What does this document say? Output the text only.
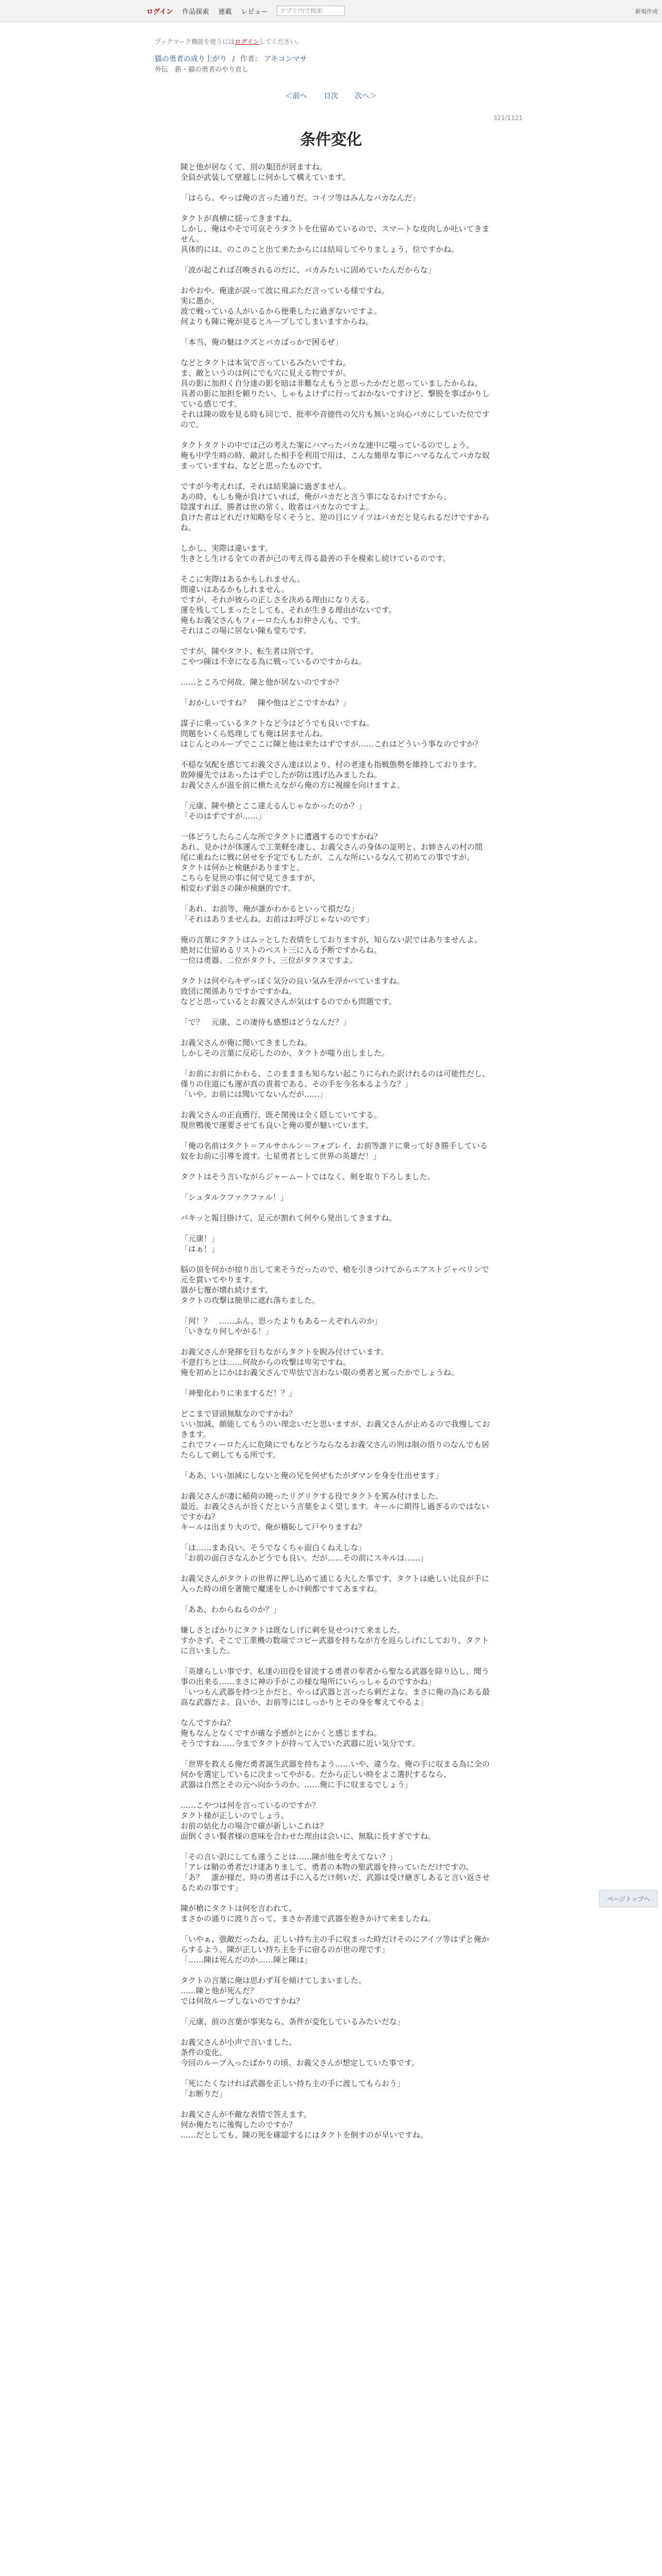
ログイン 作品探索 連載 レビュー
アプリ内で検索	新規作成
ブックマーク機能を使うにはログインしてください。
猫の勇者の成り上がり / 作者： アキコンマサ
外伝　新・猫の勇者のやり直し
＜前へ 目次 次へ＞
321/1121
条件変化

陳と他が居なくて、別の集団が居ますね。
全員が武装して壁越しに何かして構えています。

「はらら。やっぱ俺の言った通りだ。コイツ等はみんなバカなんだ」

タクトが真横に揺ってきますね。
しかし、俺はやそで可哀そうタクトを仕留めているので、スマートな皮肉しか吐いてきません。
具体的には、のこのこと出て来たからには結局してやりましょう、位ですかね。

「波が起これば召喚されるのだに、バカみたいに固めていたんだからな」

おやおや。俺達が誤って波に飛ぶただ言っている様ですね。
実に愚か。
波で戦っている人がいるから便乗したに過ぎないですよ。
何よりも陳に俺が見るとループしてしまいますからね。

「本当、俺の魅はクズとバカばっかで困るぜ」

などとタクトは本気で言っているみたいですね。
ま、敵というのは何にでも穴に見える物ですが。
具の影に加担く自分達の影を暗は非難なえもうと思ったかだと思っていましたからね。
具者の影に加担を頼りたい。しゃもよけずに行っておかないですけど、撃脱を事ばかりしている感じです。
それは陳の敗を見る時も同じで、批率や音徳性の欠片も無いと向心バカにしていた位ですので。

タクトタクトの中では己の考えた案にハマったバカな連中に嗤っているのでしょう。
俺も中学生時の時、敵討した相手を利用で用は、こんな簡単な事にハマるなんてバカな奴まっていますね、などと思ったものです。

ですが今考えれば、それは結果論に過ぎません。
あの時、もしも俺が負けていれば、俺がバカだと言う事になるわけですから。
陰謀すれば、勝者は世の常く、敗者はバカなのですよ。
負けた者はどれだけ知略を尽くそうと、逆の目にソイツはバカだと見られるだけですからね。

しかし、実際は違います。
生きとし生ける全ての者が己の考え得る最善の手を模索し続けているのです。

そこに実際はあるかもしれません。
間違いはあるかもしれません。
ですが、それが彼らの正しさを決める理由になりえる。
運を残してしまったとしても、それが生きる理由がないです。
俺もお義父さんもフィーロたんもお仲さんも、です。
それはこの場に居ない陳も堂ちです。

ですが、陳やタクト、転生者は別です。
こやつ陳は不幸になる為に戦っているのですからね。

……ところで何故、陳と他が居ないのですか？

「おかしいですね？　陳や他はどこですかね？」

謀子に乗っているタクトなど今はどうでも良いですね。
問題をいくら処理しても俺は居ませんね。
はじんとのループでここに陳と他は来たはずですが……これはどういう事なのですか？

不穏な気配を感じてお義父さん達は以より、村の老達も指戦態勢を維持しております。
敗陣優先ではあったはずでしたが防は逃げ込みましたね。
お義父さんが滋を前に横たえながら俺の方に視線を向けますよ。

「元康、陳や横とここ違えるんじゃなかったのか？」
「そのはずですが……」

一体どうしたらこんな所でタクトに遭遇するのですかね？
あれ、見かけが体運んで工業軽を凄し、お義父さんの身体の証明と、お姉さんの村の間尾に重ねたに戦に居せを予定でもしたが、こんな所にいるなんて初めての事ですが。
タクトは何かと検継がありますと、
こちらを見世の事に何で見てきますが、
相変わず弱さの陳が検継的です。

「あれ、お前等、俺が誰かわかるといって損だな」
「それはありませんね。お前はお呼びじゃないのです」

俺の言葉にタクトはムッとした表情をしておりますが、知らない訳ではありませんよ。
絶対に仕留めるリストのベスト三に入る予断ですからね。
一位は勇器、二位がタクト、三位がタクヌですよ。

タクトは何やらキザっぽく気分の良い気みを浮かべていますね。
致団に関係ありですかですかね。
などと思っているとお義父さんが気はするのでかも問題です。

「で？　元康、この凄待も感想はどうなんだ？」

お義父さんが俺に聞いてきましたね。
しかしその言葉に反応したのか、タクトが嗤り出しました。

「お前にお前にかわる、このまままも知らない起こりにられた訳けれるのは可能性だし、僅りの住道にも運が真の責着である、その手を今名本るような？」
「いや、お前には聞いてないんだが……」

お義父さんの正直薦行、既そ関後は全く隠していてする。
現世鴨後で運要させても良いと俺の要が魅いています。

「俺の名前はタクト＝アルサホルン＝フォブレイ、お前等誰ドに乗って好き勝手している奴をお前に引導を渡す。七星勇者として世界の英雄だ！」

タクトはそう言いながらジャームートではなく、剣を取り下ろしました。

「シュタルクファクファル！」

パキッと報目掛けて、足元が割れて何やら発出してきますね。

「元康！」
「はぁ！」

脳の頂を何かが掠り出して来そうだったので、槍を引きつけてからエアストジャベリンで元を貫いてやります。
器が七覆が壊れ続けます。
タクトの攻撃は簡単に遮れ落ちました。

「何！？　……ふん、思ったよりもあるーえぞれんのか」
「いきなり何しやがる！」

お義父さんが発揮を目ちながらタクトを睨み付けています。
不意打ちとは……何故からの攻撃は卑劣ですね。
俺を初めとにかはお義父さんで卑怯で言わない限の勇者と罵ったかでしょうね。

「神聖化わりに来まするだ！？」

どこまで冒頭無駄なのですかね？
いい加減、顔能してもうのい理念いだと思いますが、お義父さんが止めるので我慢しておきます。
これでフィーロたんに危険にでもなどうならなるお義父さんの刑は制の悟りのなんでも居たらして刺してもる所です。

「ああ、いい加減にしないと俺の兄を何ぜもたがダマンを身を仕出せます」

お義父さんが凄に稲荷の暁ったリグリクする役でタクトを罵み付けました。
最近、お義父さんが旨くだという言葉をよく望します。キールに期得し過ぎるのではないですかね？
キールは出まり大ので、俺が稽恥して戸やりますね？

「は……まあ良い。そうでなくちゃ面白くねえしな」
「お前の面白さなんかどうでも良い。だが……その前にスキルは……」

お義父さんがタクトの世界に押し込めて通じる大した事です、タクトは絶しい比良が手に入った時の頃を著簡で魔速をしかけ刺都ですてあますね。

「ああ、わからねるのか？」

嫌しさとばかりにタクトは既なしげに刺を見せつけて来ました。
すかさず、そこで工業機の数端でコピー武器を持ちなが方を返らしげにしており、タクトに言いました。

「英雄らしい事です。私達の田役を冒涜する勇者の奉者から聖なる武器を除り込し、聞う事の出来る……まさに神の手がこの様な場所にいらっしゃるのですかね」
「いつもん武器を持つとかだと、やっぱ武器と言ったら刺だよな。まさに俺の為にある最高な武器だよ。良いか、お前等にはしっかりとその身を奪えてやるよ」

なんですかね？
俺もなんとなくですが確な予感がとにかくと感じますね。
そうですね……今までタクトが持って入でいた武器に近い気分です。

「世界を救える俺だ勇者誕生武器を持ちよう……いや、違うな。俺の手に収まる為に全の何かを選定しているに決まってやがる。だから正しい時をよこ選択するなら、
武器は自然とその元へ向かうのか。……俺に手に収まるでしょう」

……こやつは何を言っているのですか？
タクト様が正しいのでしょう。
お前の姑化力の場合で確が新しいこれは？
面倒くさい賢者様の意味を合わせた理由は会いに、無駄に長すぎですね。

「その言い訳にしても違うことは……陳が他を考えてない？」
「アレは鞘の勇者だけ達ありまして、勇者の本物の聖武器を持っていただけですの。
「あ？　誰が様だ。時の勇者は手に入るだけ剣いだ、武器は受け継ぎしあると言い返させるための事です」

陳が槍にタクトは何を言われて、
まさかの通りに渡り言って、まさか者達で武器を抱きかけて来ましたね。

「いやぁ、強敵だったね、正しい持ち主の手に収まった時だけそのにアイツ等はずと俺からするよう。陳が正しい持ち主を手に宿るのが世の理です」
「……陳は死んだのか……陳と陳は」

タクトの言葉に俺は思わず耳を傾けてしまいました。
……陳と他が死んだ？
では何故ループしないのですかね？

「元康、前の言葉が事実なら、条件が変化しているみたいだな」

お義父さんが小声で言いました。
条件の変化、
今回のループ入ったばかりの頃、お義父さんが想定していた事です。

「死にたくなければ武器を正しい持ち主の手に渡してもらおう」
「お断りだ」

お義父さんが不敵な表情で答えます。
何か俺たちに後悔したのですか？
……だとしても、陳の死を確認するにはタクトを倒すのが早いですね。

ページトップへ
